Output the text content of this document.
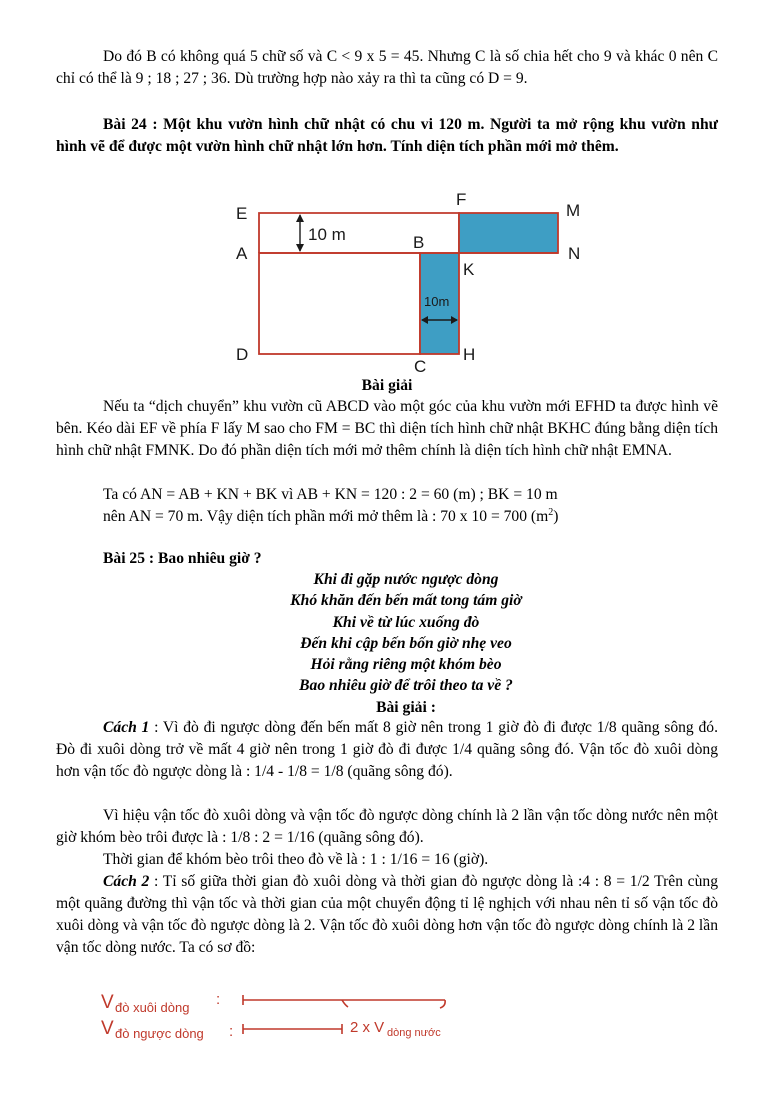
Do đó B có không quá 5 chữ số và C < 9 x 5 = 45. Nhưng C là số chia hết cho 9 và khác 0 nên C chỉ có thể là 9 ; 18 ; 27 ; 36. Dù trường hợp nào xảy ra thì ta cũng có D = 9.

Bài 24 : Một khu vườn hình chữ nhật có chu vi 120 m. Người ta mở rộng khu vườn như hình vẽ để được một vườn hình chữ nhật lớn hơn. Tính diện tích phần mới mở thêm.

10 m
10m
E
F
M
A
B
N
K
D
C
H

Bài giải

Nếu ta “dịch chuyển” khu vườn cũ ABCD vào một góc của khu vườn mới EFHD ta được hình vẽ bên. Kéo dài EF về phía F lấy M sao cho FM = BC thì diện tích hình chữ nhật BKHC đúng bằng diện tích hình chữ nhật FMNK. Do đó phần diện tích mới mở thêm chính là diện tích hình chữ nhật EMNA.

Ta có AN = AB + KN + BK vì AB + KN = 120 : 2 = 60 (m) ; BK = 10 m

nên AN = 70 m. Vậy diện tích phần mới mở thêm là : 70 x 10 = 700 $(m^2)$

Bài 25 : Bao nhiêu giờ ?

Khi đi gặp nước ngược dòng
Khó khăn đến bến mất tong tám giờ
Khi về từ lúc xuống đò
Đến khi cập bến bốn giờ nhẹ veo
Hỏi rằng riêng một khóm bèo
Bao nhiêu giờ để trôi theo ta về ?
Bài giải :

Cách 1 : Vì đò đi ngược dòng đến bến mất 8 giờ nên trong 1 giờ đò đi được 1/8 quãng sông đó. Đò đi xuôi dòng trở về mất 4 giờ nên trong 1 giờ đò đi được 1/4 quãng sông đó. Vận tốc đò xuôi dòng hơn vận tốc đò ngược dòng là : 1/4 - 1/8 = 1/8 (quãng sông đó).

Vì hiệu vận tốc đò xuôi dòng và vận tốc đò ngược dòng chính là 2 lần vận tốc dòng nước nên một giờ khóm bèo trôi được là : 1/8 : 2 = 1/16 (quãng sông đó).

Thời gian để khóm bèo trôi theo đò về là : 1 : 1/16 = 16 (giờ).

Cách 2 : Tỉ số giữa thời gian đò xuôi dòng và thời gian đò ngược dòng là :4 : 8 = 1/2 Trên cùng một quãng đường thì vận tốc và thời gian của một chuyển động tỉ lệ nghịch với nhau nên tỉ số vận tốc đò xuôi dòng và vận tốc đò ngược dòng là 2. Vận tốc đò xuôi dòng hơn vận tốc đò ngược dòng chính là 2 lần vận tốc dòng nước. Ta có sơ đồ:

V đò xuôi dòng :
V đò ngược dòng :	2 x V dòng nước
